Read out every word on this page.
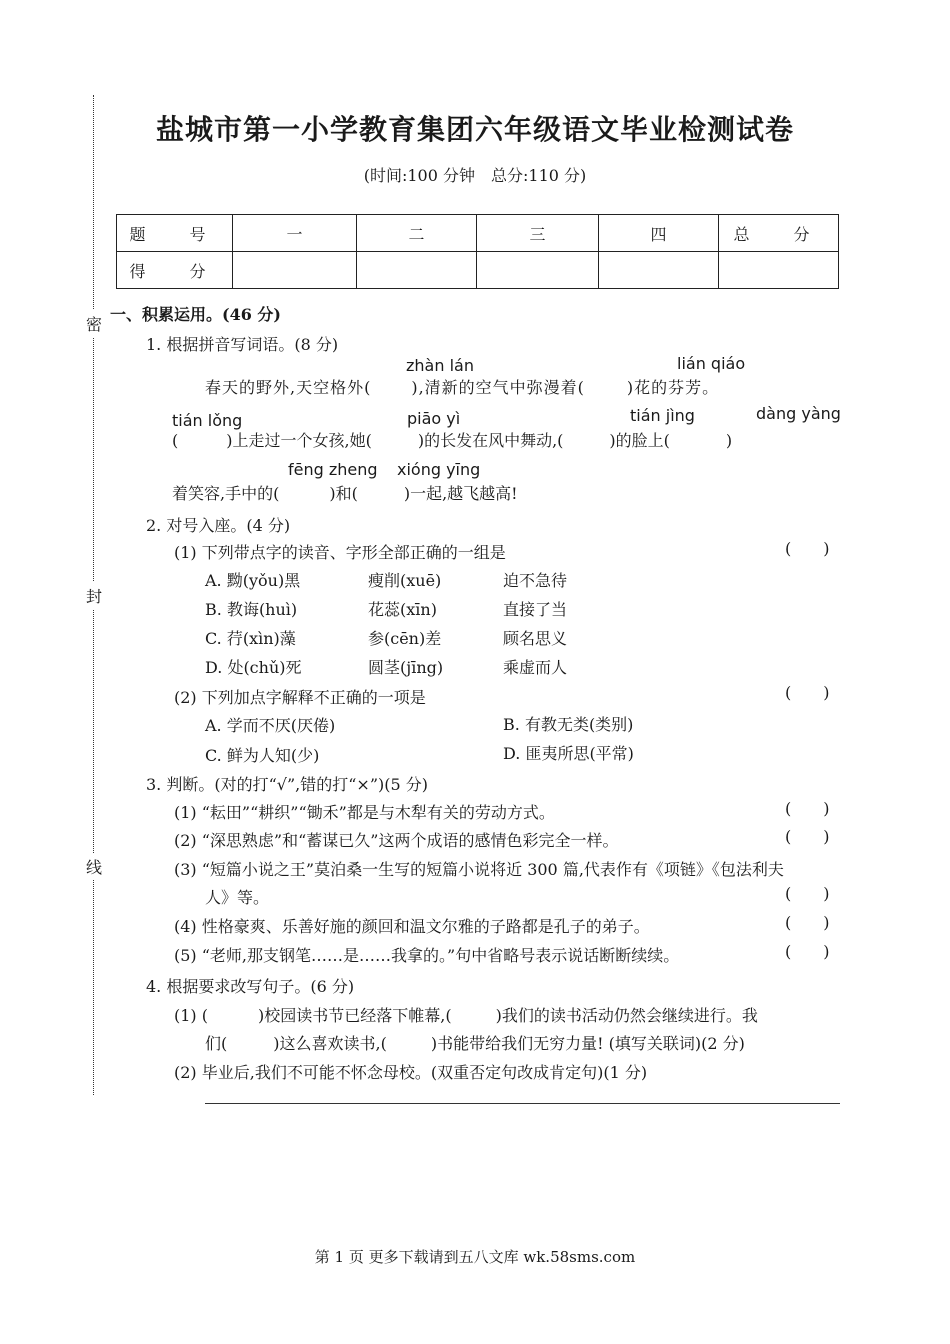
密
封
线
盐城市第一小学教育集团六年级语文毕业检测试卷
(时间:100 分钟　总分:110 分)
题　号	一	二	三	四	总　分
得　分					
一、积累运用。(46 分)
1. 根据拼音写词语。(8 分)
zhàn lán	lián qiáo
春天的野外,天空格外(	),清新的空气中弥漫着(	)花的芬芳。
tián lǒng	piāo yì	tián jìng	dàng yàng
(	)上走过一个女孩,她(	)的长发在风中舞动,(	)的脸上(	)
fēng zheng xióng yīng
着笑容,手中的(	)和(	)一起,越飞越高!
2. 对号入座。(4 分)
(1) 下列带点字的读音、字形全部正确的一组是	(　　)
A. 黝(yǒu)黑	瘦削(xuē)	迫不急待
B. 教诲(huì)	花蕊(xīn)	直接了当
C. 荇(xìn)藻	参(cēn)差	顾名思义
D. 处(chǔ)死	圆茎(jīng)	乘虚而人
(2) 下列加点字解释不正确的一项是	(　　)
A. 学而不厌(厌倦)	B. 有教无类(类别)
C. 鲜为人知(少)	D. 匪夷所思(平常)
3. 判断。(对的打“√”,错的打“×”)(5 分)
(1) “耘田”“耕织”“锄禾”都是与木犁有关的劳动方式。	(　　)
(2) “深思熟虑”和“蓄谋已久”这两个成语的感情色彩完全一样。	(　　)
(3) “短篇小说之王”莫泊桑一生写的短篇小说将近 300 篇,代表作有《项链》《包法利夫
人》等。	(　　)
(4) 性格豪爽、乐善好施的颜回和温文尔雅的子路都是孔子的弟子。	(　　)
(5) “老师,那支钢笔……是……我拿的。”句中省略号表示说话断断续续。	(　　)
4. 根据要求改写句子。(6 分)
(1) (	)校园读书节已经落下帷幕,(	)我们的读书活动仍然会继续进行。我
们(	)这么喜欢读书,(	)书能带给我们无穷力量! (填写关联词)(2 分)
(2) 毕业后,我们不可能不怀念母校。(双重否定句改成肯定句)(1 分)
第 1 页 更多下载请到五八文库 wk.58sms.com
